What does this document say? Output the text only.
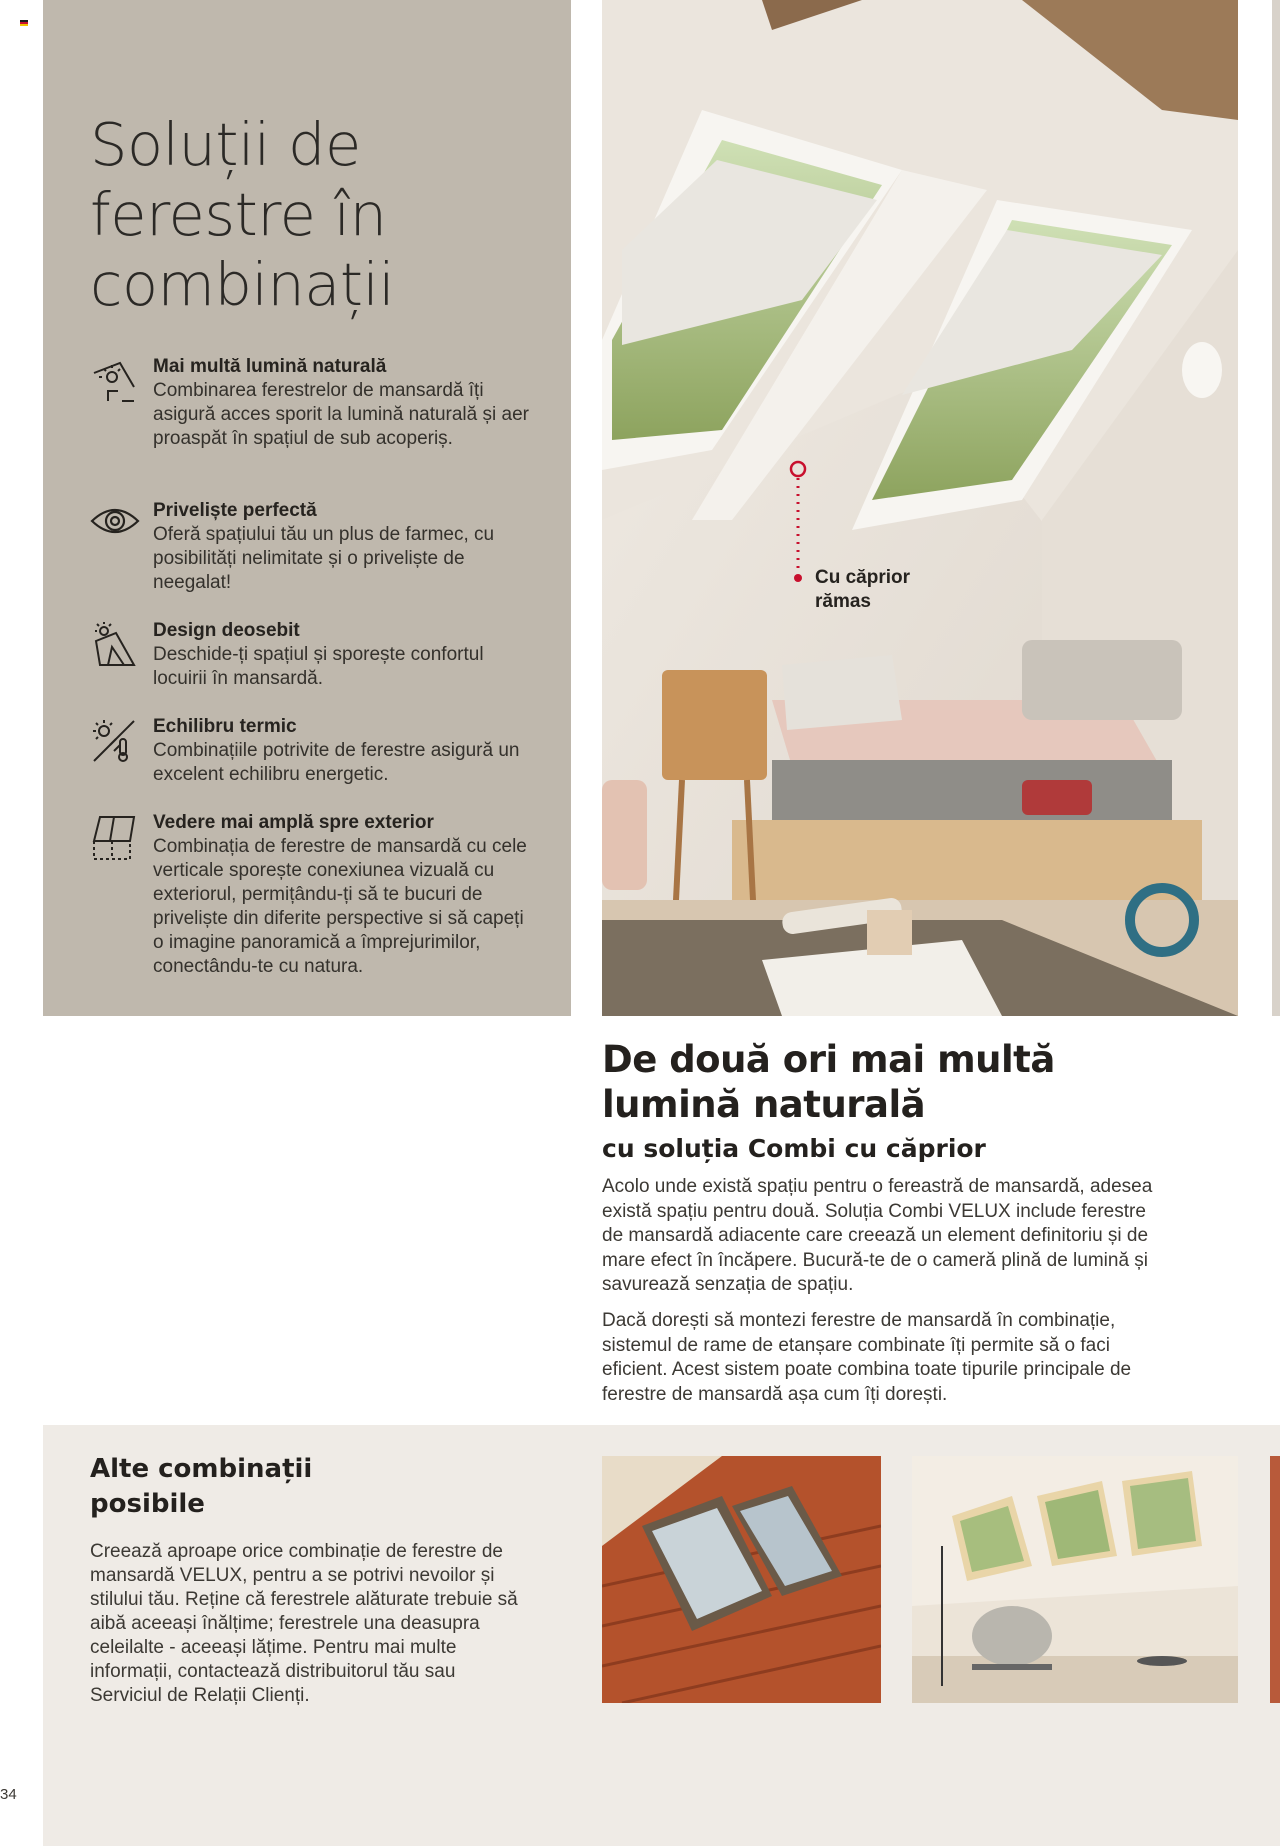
Soluții de
ferestre în
combinații
Mai multă lumină naturală
Combinarea ferestrelor de mansardă îți asigură acces sporit la lumină naturală și aer proaspăt în spațiul de sub acoperiș.
Priveliște perfectă
Oferă spațiului tău un plus de farmec, cu posibilități nelimitate și o priveliște de neegalat!
Design deosebit
Deschide-ți spațiul și sporește confortul locuirii în mansardă.
Echilibru termic
Combinațiile potrivite de ferestre asigură un excelent echilibru energetic.
Vedere mai amplă spre exterior
Combinația de ferestre de mansardă cu cele verticale sporește conexiunea vizuală cu exteriorul, permițându-ți să te bucuri de priveliște din diferite perspective si să capeți o imagine panoramică a împrejurimilor, conectându-te cu natura.
Cu căprior
rămas
De două ori mai multă
lumină naturală
cu soluția Combi cu căprior

Acolo unde există spațiu pentru o fereastră de mansardă, adesea există spațiu pentru două. Soluția Combi VELUX include ferestre de mansardă adiacente care creează un element definitoriu și de mare efect în încăpere. Bucură-te de o cameră plină de lumină și savurează senzația de spațiu.

Dacă dorești să montezi ferestre de mansardă în combinație, sistemul de rame de etanșare combinate îți permite să o faci eficient. Acest sistem poate combina toate tipurile principale de ferestre de mansardă așa cum îți dorești.

Alte combinații
posibile

Creează aproape orice combinație de ferestre de mansardă VELUX, pentru a se potrivi nevoilor și stilului tău. Reține că ferestrele alăturate trebuie să aibă aceeași înălțime; ferestrele una deasupra celeilalte - aceeași lățime. Pentru mai multe informații, contactează distribuitorul tău sau Serviciul de Relații Clienți.

34
